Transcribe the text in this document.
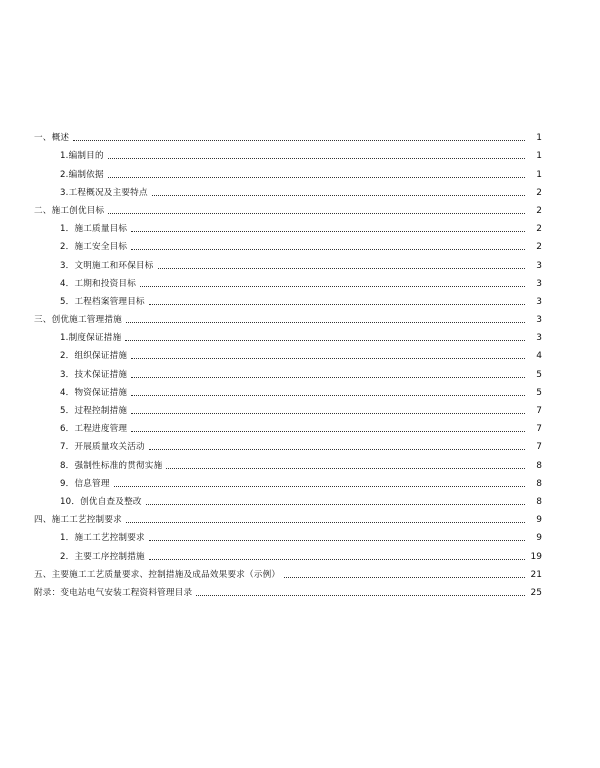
一、概述	1
1.编制目的	1
2.编制依据	1
3.工程概况及主要特点	2
二、施工创优目标	2
1．施工质量目标	2
2．施工安全目标	2
3．文明施工和环保目标	3
4．工期和投资目标	3
5．工程档案管理目标	3
三、创优施工管理措施	3
1.制度保证措施	3
2．组织保证措施	4
3．技术保证措施	5
4．物资保证措施	5
5．过程控制措施	7
6．工程进度管理	7
7．开展质量攻关活动	7
8．强制性标准的贯彻实施	8
9．信息管理	8
10．创优自查及整改	8
四、施工工艺控制要求	9
1．施工工艺控制要求	9
2．主要工序控制措施	19
五、主要施工工艺质量要求、控制措施及成品效果要求（示例）	21
附录：变电站电气安装工程资料管理目录	25
